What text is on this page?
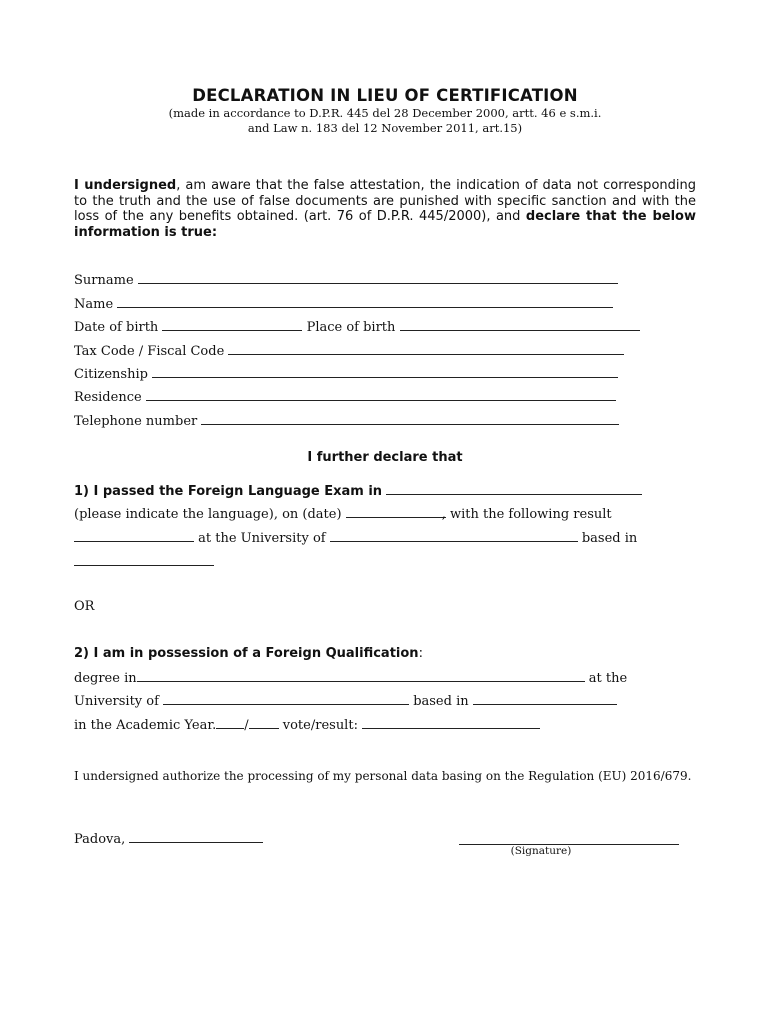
DECLARATION IN LIEU OF CERTIFICATION
(made in accordance to D.P.R. 445 del 28 December 2000, artt. 46 e s.m.i.
and Law n. 183 del 12 November 2011, art.15)
I undersigned, am aware that the false attestation, the indication of data not corresponding to the truth and the use of false documents are punished with specific sanction and with the loss of the any benefits obtained. (art. 76 of D.P.R. 445/2000), and declare that the below information is true:
Surname
Name
Date of birth	Place of birth
Tax Code / Fiscal Code
Citizenship
Residence
Telephone number
I further declare that
1) I passed the Foreign Language Exam in
(please indicate the language), on (date)	, with the following result
at the University of	based in
OR
2) I am in possession of a Foreign Qualification:
degree in	at the
University of	based in
in the Academic Year. /	vote/result:
I undersigned authorize the processing of my personal data basing on the Regulation (EU) 2016/679.
Padova,
(Signature)
